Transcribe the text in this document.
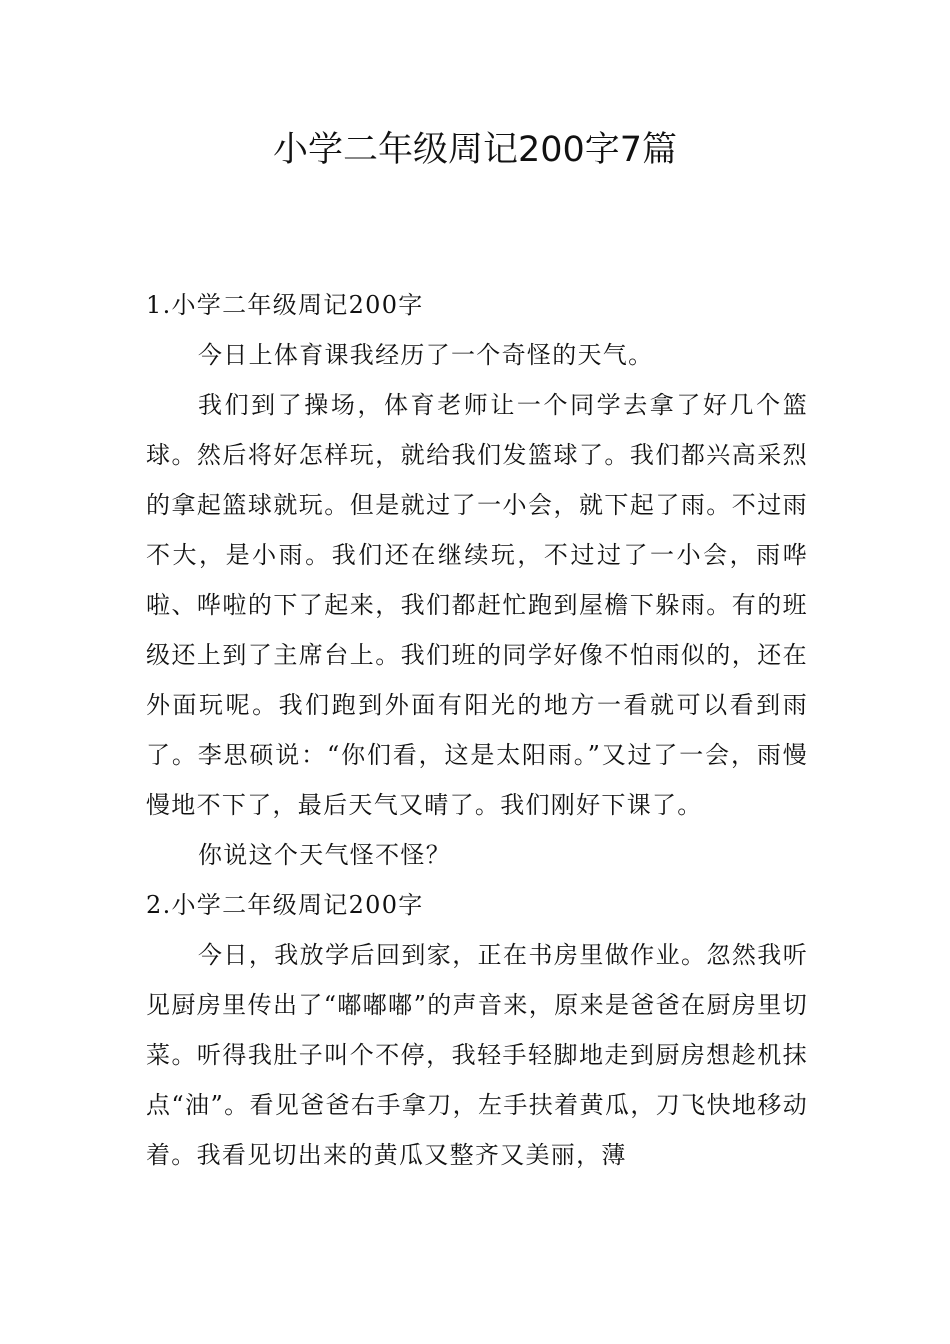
小学二年级周记200字7篇
1.小学二年级周记200字
今日上体育课我经历了一个奇怪的天气。
我们到了操场，体育老师让一个同学去拿了好几个篮球。然后将好怎样玩，就给我们发篮球了。我们都兴高采烈的拿起篮球就玩。但是就过了一小会，就下起了雨。不过雨不大，是小雨。我们还在继续玩，不过过了一小会，雨哗啦、哗啦的下了起来，我们都赶忙跑到屋檐下躲雨。有的班级还上到了主席台上。我们班的同学好像不怕雨似的，还在外面玩呢。我们跑到外面有阳光的地方一看就可以看到雨了。李思硕说：“你们看，这是太阳雨。”又过了一会，雨慢慢地不下了，最后天气又晴了。我们刚好下课了。
你说这个天气怪不怪？
2.小学二年级周记200字
今日，我放学后回到家，正在书房里做作业。忽然我听见厨房里传出了“嘟嘟嘟”的声音来，原来是爸爸在厨房里切菜。听得我肚子叫个不停，我轻手轻脚地走到厨房想趁机抹点“油”。看见爸爸右手拿刀，左手扶着黄瓜，刀飞快地移动着。我看见切出来的黄瓜又整齐又美丽，薄
